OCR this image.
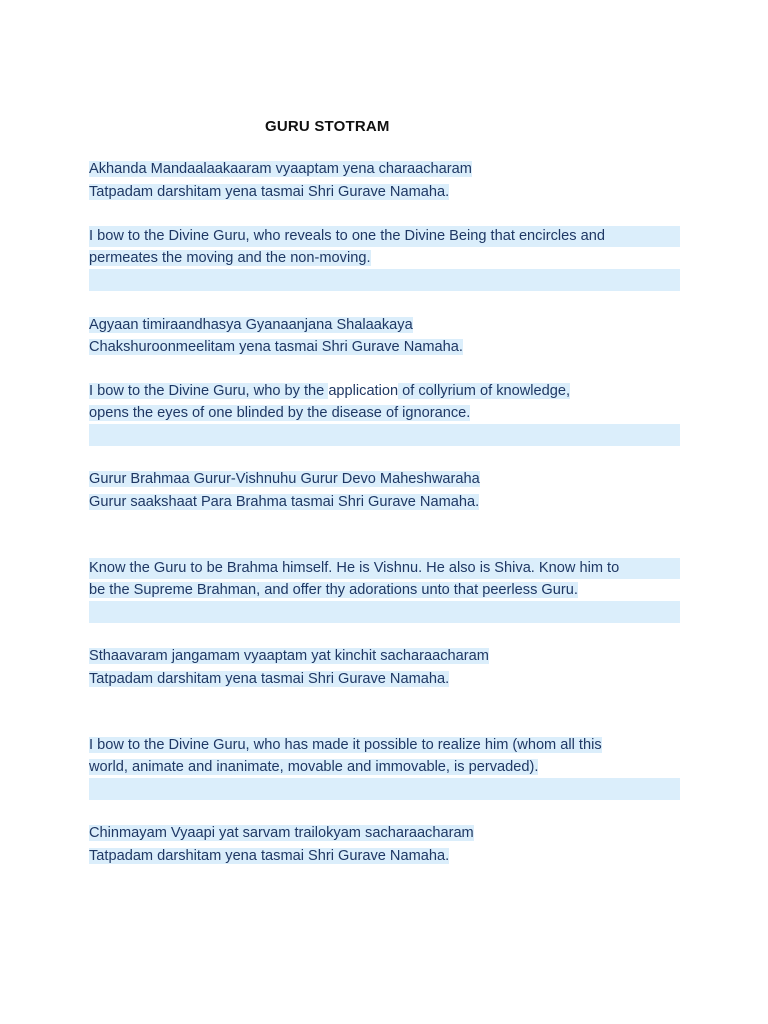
GURU STOTRAM
Akhanda Mandaalaakaaram vyaaptam yena charaacharam
Tatpadam darshitam yena tasmai Shri Gurave Namaha.
I bow to the Divine Guru, who reveals to one the Divine Being that encircles and
permeates the moving and the non-moving.
Agyaan timiraandhasya Gyanaanjana Shalaakaya
Chakshuroonmeelitam yena tasmai Shri Gurave Namaha.
I bow to the Divine Guru, who by the application of collyrium of knowledge,
opens the eyes of one blinded by the disease of ignorance.
Gurur Brahmaa Gurur-Vishnuhu Gurur Devo Maheshwaraha
Gurur saakshaat Para Brahma tasmai Shri Gurave Namaha.
Know the Guru to be Brahma himself. He is Vishnu. He also is Shiva. Know him to
be the Supreme Brahman, and offer thy adorations unto that peerless Guru.
Sthaavaram jangamam vyaaptam yat kinchit sacharaacharam
Tatpadam darshitam yena tasmai Shri Gurave Namaha.
I bow to the Divine Guru, who has made it possible to realize him (whom all this
world, animate and inanimate, movable and immovable, is pervaded).
Chinmayam Vyaapi yat sarvam trailokyam sacharaacharam
Tatpadam darshitam yena tasmai Shri Gurave Namaha.
